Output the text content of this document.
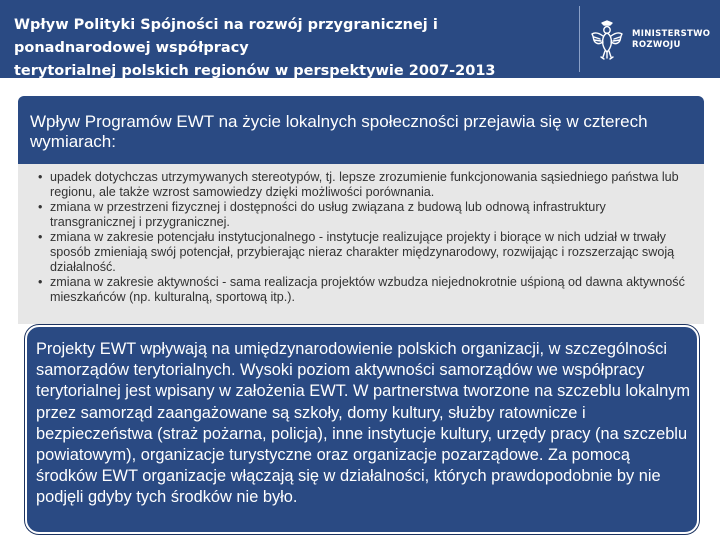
Wpływ Polityki Spójności na rozwój przygranicznej i ponadnarodowej współpracy
terytorialnej polskich regionów w perspektywie 2007-2013
MINISTERSTWO
ROZWOJU
Wpływ Programów EWT na życie lokalnych społeczności przejawia się w czterech wymiarach:
• upadek dotychczas utrzymywanych stereotypów, tj. lepsze zrozumienie funkcjonowania sąsiedniego państwa lub regionu, ale także wzrost samowiedzy dzięki możliwości porównania.
• zmiana w przestrzeni fizycznej i dostępności do usług związana z budową lub odnową infrastruktury transgranicznej i przygranicznej.
• zmiana w zakresie potencjału instytucjonalnego - instytucje realizujące projekty i biorące w nich udział w trwały sposób zmieniają swój potencjał, przybierając nieraz charakter międzynarodowy, rozwijając i rozszerzając swoją działalność.
• zmiana w zakresie aktywności - sama realizacja projektów wzbudza niejednokrotnie uśpioną od dawna aktywność mieszkańców (np. kulturalną, sportową itp.).
Projekty EWT wpływają na umiędzynarodowienie polskich organizacji, w szczególności samorządów terytorialnych. Wysoki poziom aktywności samorządów we współpracy terytorialnej jest wpisany w założenia EWT. W partnerstwa tworzone na szczeblu lokalnym przez samorząd zaangażowane są szkoły, domy kultury, służby ratownicze i bezpieczeństwa (straż pożarna, policja), inne instytucje kultury, urzędy pracy (na szczeblu powiatowym), organizacje turystyczne oraz organizacje pozarządowe. Za pomocą środków EWT organizacje włączają się w działalności, których prawdopodobnie by nie podjęli gdyby tych środków nie było.
